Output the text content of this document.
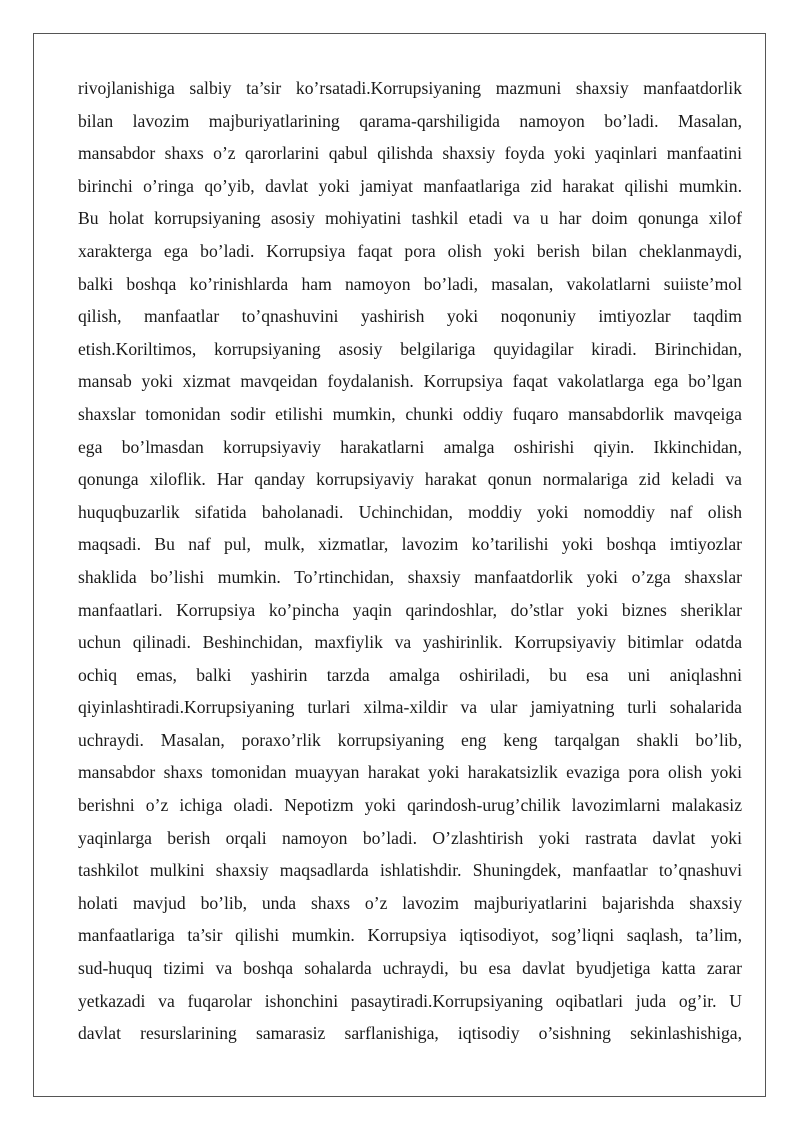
rivojlanishiga salbiy ta’sir ko’rsatadi.Korrupsiyaning mazmuni shaxsiy manfaatdorlik
bilan lavozim majburiyatlarining qarama-qarshiligida namoyon bo’ladi. Masalan,
mansabdor shaxs o’z qarorlarini qabul qilishda shaxsiy foyda yoki yaqinlari manfaatini
birinchi o’ringa qo’yib, davlat yoki jamiyat manfaatlariga zid harakat qilishi mumkin.
Bu holat korrupsiyaning asosiy mohiyatini tashkil etadi va u har doim qonunga xilof
xarakterga ega bo’ladi. Korrupsiya faqat pora olish yoki berish bilan cheklanmaydi,
balki boshqa ko’rinishlarda ham namoyon bo’ladi, masalan, vakolatlarni suiiste’mol
qilish, manfaatlar to’qnashuvini yashirish yoki noqonuniy imtiyozlar taqdim
etish.Koriltimos, korrupsiyaning asosiy belgilariga quyidagilar kiradi. Birinchidan,
mansab yoki xizmat mavqeidan foydalanish. Korrupsiya faqat vakolatlarga ega bo’lgan
shaxslar tomonidan sodir etilishi mumkin, chunki oddiy fuqaro mansabdorlik mavqeiga
ega bo’lmasdan korrupsiyaviy harakatlarni amalga oshirishi qiyin. Ikkinchidan,
qonunga xiloflik. Har qanday korrupsiyaviy harakat qonun normalariga zid keladi va
huquqbuzarlik sifatida baholanadi. Uchinchidan, moddiy yoki nomoddiy naf olish
maqsadi. Bu naf pul, mulk, xizmatlar, lavozim ko’tarilishi yoki boshqa imtiyozlar
shaklida bo’lishi mumkin. To’rtinchidan, shaxsiy manfaatdorlik yoki o’zga shaxslar
manfaatlari. Korrupsiya ko’pincha yaqin qarindoshlar, do’stlar yoki biznes sheriklar
uchun qilinadi. Beshinchidan, maxfiylik va yashirinlik. Korrupsiyaviy bitimlar odatda
ochiq emas, balki yashirin tarzda amalga oshiriladi, bu esa uni aniqlashni
qiyinlashtiradi.Korrupsiyaning turlari xilma-xildir va ular jamiyatning turli sohalarida
uchraydi. Masalan, poraxo’rlik korrupsiyaning eng keng tarqalgan shakli bo’lib,
mansabdor shaxs tomonidan muayyan harakat yoki harakatsizlik evaziga pora olish yoki
berishni o’z ichiga oladi. Nepotizm yoki qarindosh-urug’chilik lavozimlarni malakasiz
yaqinlarga berish orqali namoyon bo’ladi. O’zlashtirish yoki rastrata davlat yoki
tashkilot mulkini shaxsiy maqsadlarda ishlatishdir. Shuningdek, manfaatlar to’qnashuvi
holati mavjud bo’lib, unda shaxs o’z lavozim majburiyatlarini bajarishda shaxsiy
manfaatlariga ta’sir qilishi mumkin. Korrupsiya iqtisodiyot, sog’liqni saqlash, ta’lim,
sud-huquq tizimi va boshqa sohalarda uchraydi, bu esa davlat byudjetiga katta zarar
yetkazadi va fuqarolar ishonchini pasaytiradi.Korrupsiyaning oqibatlari juda og’ir. U
davlat resurslarining samarasiz sarflanishiga, iqtisodiy o’sishning sekinlashishiga,
